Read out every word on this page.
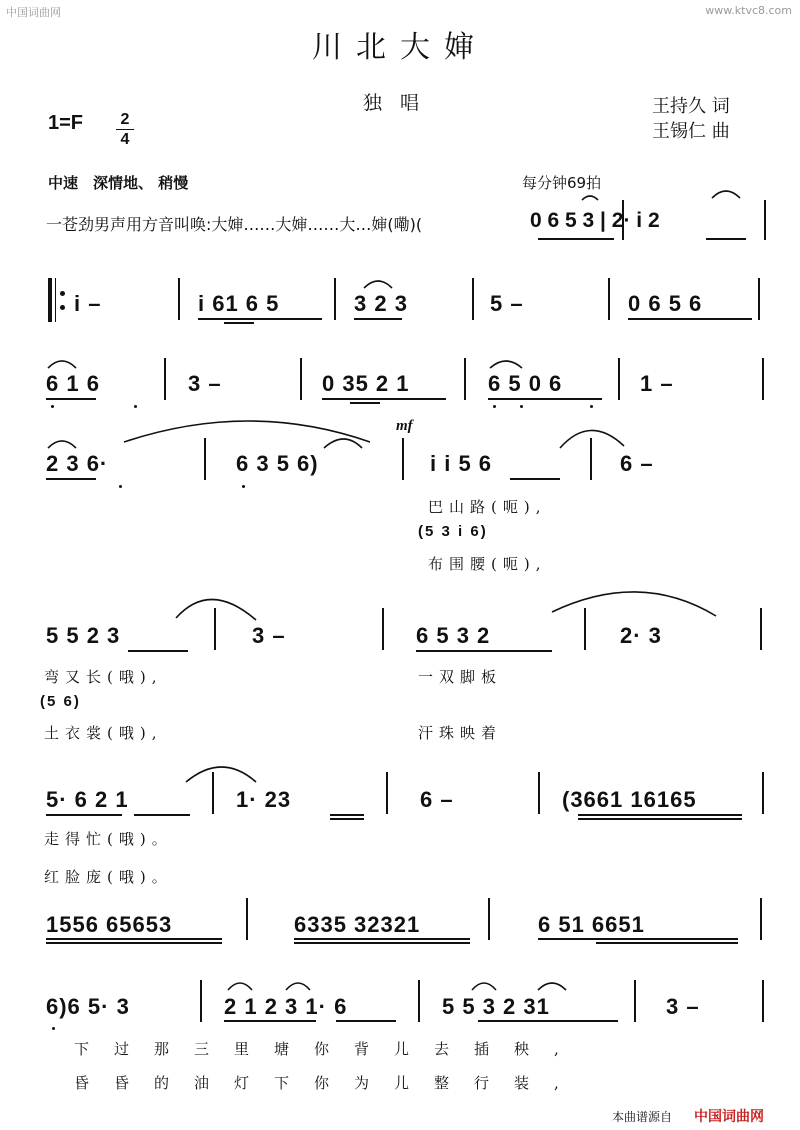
中国词曲网	www.ktvc8.com
川北大婶
独唱	王持久 词
王锡仁 曲
1=F	2
4
中速　深情地、 稍慢	每分钟69拍
一苍劲男声用方音叫唤:大婶……大婶……大…婶(嘞)(	0 6 5 3 | 2· i 2
i –	i 61 6 5	3 2 3	5 –	0 6 5 6
6 1 6	3 –	0 35 2 1	6 5 0 6	1 –
mf
2 3 6·	6 3 5 6)	i i 5 6	6 –
巴山路(呃),
(5 3 i 6)
布围腰(呃),
5 5 2 3	3 –	6 5 3 2	2· 3
弯又长(哦),	一双脚板
(5 6)
土衣裳(哦),	汗珠映着
5· 6 2 1	1· 23	6 –	(3661 16165
走得忙(哦)。
红脸庞(哦)。
1556 65653	6335 32321	6 51 6651
6)6 5· 3	2 1 2 3 1· 6	5 5 3 2 31	3 –
下过那三里塘你背儿去插秧,
昏昏的油灯下你为儿整行装,
本曲谱源自 中国词曲网
